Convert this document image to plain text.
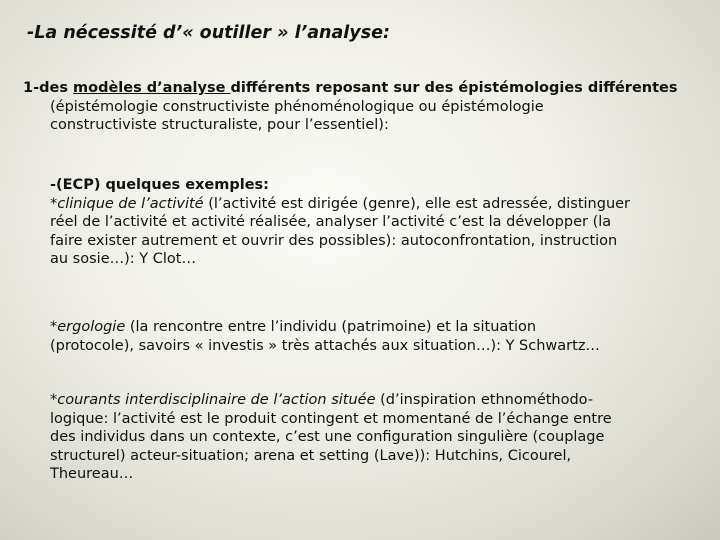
-La nécessité d’« outiller » l’analyse:
1-des modèles d’analyse différents reposant sur des épistémologies différentes
(épistémologie constructiviste phénoménologique ou épistémologie
constructiviste structuraliste, pour l’essentiel):
-(ECP) quelques exemples:
*clinique de l’activité (l’activité est dirigée (genre), elle est adressée, distinguer
réel de l’activité et activité réalisée, analyser l’activité c’est la développer (la
faire exister autrement et ouvrir des possibles): autoconfrontation, instruction
au sosie…): Y Clot…
*ergologie (la rencontre entre l’individu (patrimoine) et la situation
(protocole), savoirs « investis » très attachés aux situation…): Y Schwartz…
*courants interdisciplinaire de l’action située (d’inspiration ethnométhodo-
logique: l’activité est le produit contingent et momentané de l’échange entre
des individus dans un contexte, c’est une configuration singulière (couplage
structurel) acteur-situation; arena et setting (Lave)): Hutchins, Cicourel,
Theureau…
